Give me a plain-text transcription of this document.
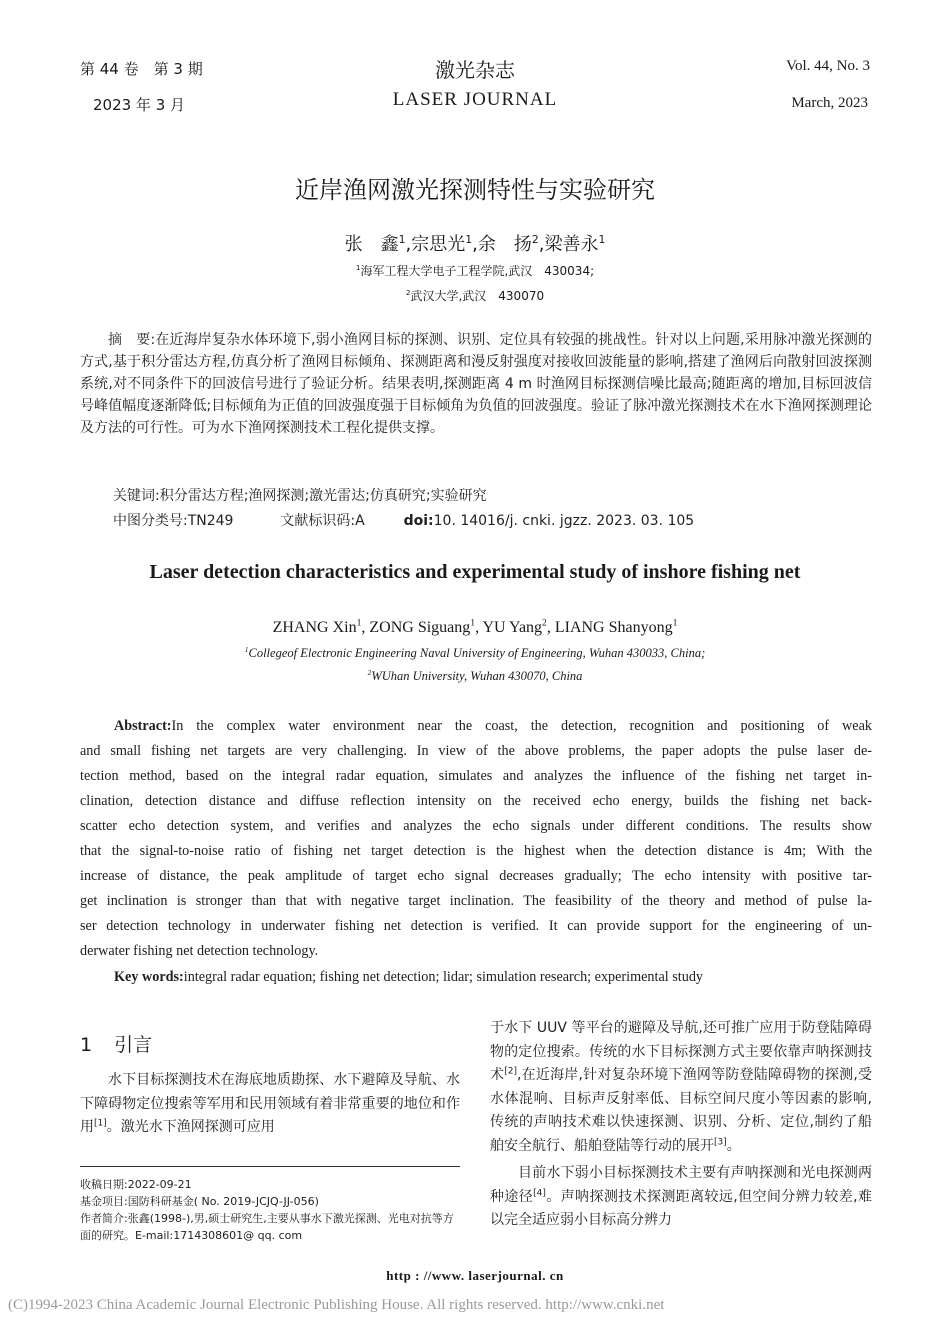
第 44 卷　第 3 期
2023 年 3 月
激光杂志
LASER JOURNAL
Vol. 44, No. 3
March, 2023
近岸渔网激光探测特性与实验研究
张　鑫$^1$,宗思光$^1$,余　扬$^2$,梁善永$^1$
$^1$海军工程大学电子工程学院,武汉　430034;
$^2$武汉大学,武汉　430070
摘　要:在近海岸复杂水体环境下,弱小渔网目标的探测、识别、定位具有较强的挑战性。针对以上问题,采用脉冲激光探测的方式,基于积分雷达方程,仿真分析了渔网目标倾角、探测距离和漫反射强度对接收回波能量的影响,搭建了渔网后向散射回波探测系统,对不同条件下的回波信号进行了验证分析。结果表明,探测距离 4 m 时渔网目标探测信噪比最高;随距离的增加,目标回波信号峰值幅度逐渐降低;目标倾角为正值的回波强度强于目标倾角为负值的回波强度。验证了脉冲激光探测技术在水下渔网探测理论及方法的可行性。可为水下渔网探测技术工程化提供支撑。
关键词:积分雷达方程;渔网探测;激光雷达;仿真研究;实验研究
中图分类号:TN249	文献标识码:A	doi:10. 14016/j. cnki. jgzz. 2023. 03. 105
Laser detection characteristics and experimental study of inshore fishing net
ZHANG Xin$^1$, ZONG Siguang$^1$, YU Yang$^2$, LIANG Shanyong$^1$
$^1$Collegeof Electronic Engineering Naval University of Engineering, Wuhan 430033, China;
$^2$WUhan University, Wuhan 430070, China
Abstract:In the complex water environment near the coast, the detection, recognition and positioning of weak
and small fishing net targets are very challenging. In view of the above problems, the paper adopts the pulse laser de-
tection method, based on the integral radar equation, simulates and analyzes the influence of the fishing net target in-
clination, detection distance and diffuse reflection intensity on the received echo energy, builds the fishing net back-
scatter echo detection system, and verifies and analyzes the echo signals under different conditions. The results show
that the signal-to-noise ratio of fishing net target detection is the highest when the detection distance is 4m; With the
increase of distance, the peak amplitude of target echo signal decreases gradually; The echo intensity with positive tar-
get inclination is stronger than that with negative target inclination. The feasibility of the theory and method of pulse la-
ser detection technology in underwater fishing net detection is verified. It can provide support for the engineering of un-
derwater fishing net detection technology.
Key words:integral radar equation; fishing net detection; lidar; simulation research; experimental study
1 引言

水下目标探测技术在海底地质勘探、水下避障及导航、水下障碍物定位搜索等军用和民用领域有着非常重要的地位和作用[1]。激光水下渔网探测可应用

收稿日期:2022-09-21
基金项目:国防科研基金( No. 2019-JCJQ-JJ-056)
作者简介:张鑫(1998-),男,硕士研究生,主要从事水下激光探测、光电对抗等方面的研究。E-mail:1714308601@ qq. com

于水下 UUV 等平台的避障及导航,还可推广应用于防登陆障碍物的定位搜索。传统的水下目标探测方式主要依靠声呐探测技术[2],在近海岸,针对复杂环境下渔网等防登陆障碍物的探测,受水体混响、目标声反射率低、目标空间尺度小等因素的影响,传统的声呐技术难以快速探测、识别、分析、定位,制约了船舶安全航行、船舶登陆等行动的展开[3]。

目前水下弱小目标探测技术主要有声呐探测和光电探测两种途径[4]。声呐探测技术探测距离较远,但空间分辨力较差,难以完全适应弱小目标高分辨力

http : //www. laserjournal. cn
(C)1994-2023 China Academic Journal Electronic Publishing House. All rights reserved. http://www.cnki.net
